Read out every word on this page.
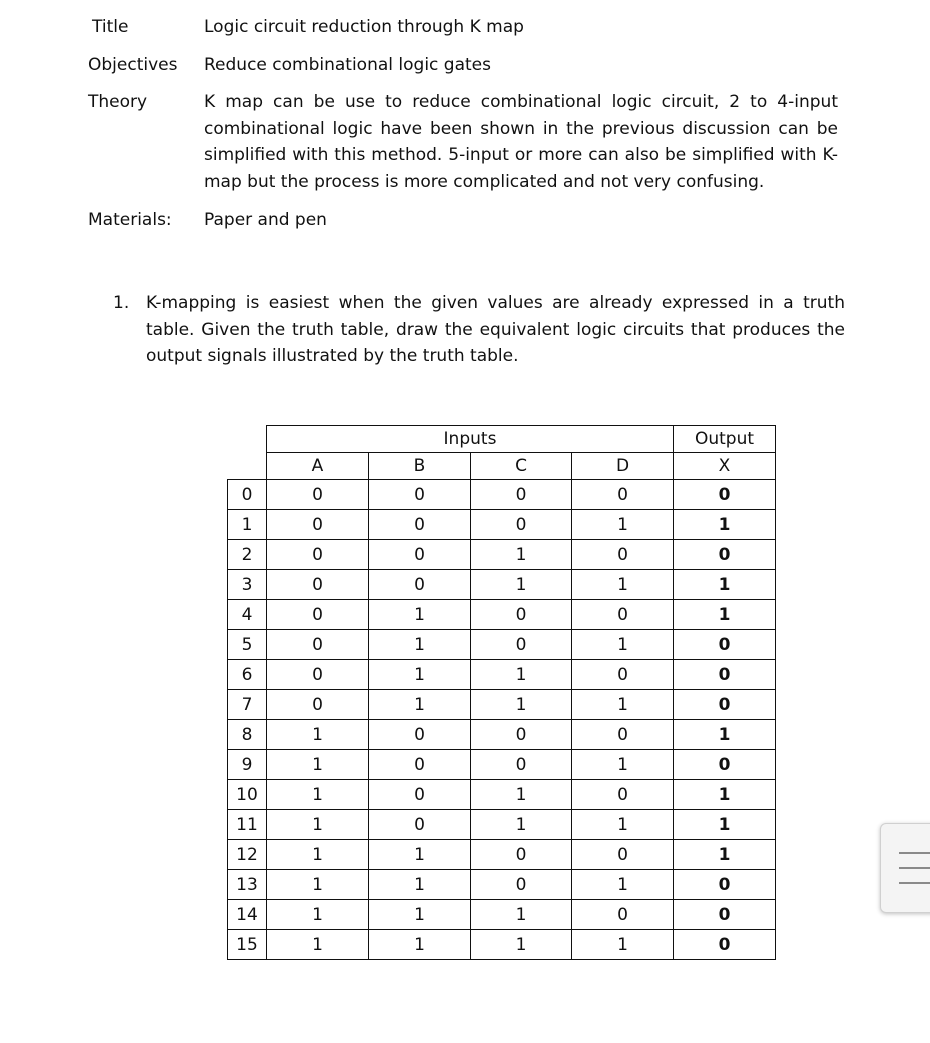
Title	Logic circuit reduction through K map
Objectives Reduce combinational logic gates
Theory	K map can be use to reduce combinational logic circuit, 2 to 4-input combinational logic have been shown in the previous discussion can be simplified with this method. 5-input or more can also be simplified with K-map but the process is more complicated and not very confusing.
Materials: Paper and pen
1. K-mapping is easiest when the given values are already expressed in a truth table. Given the truth table, draw the equivalent logic circuits that produces the output signals illustrated by the truth table.
	Inputs				Output
	A	B	C	D	X
0	0	0	0	0	0
1	0	0	0	1	1
2	0	0	1	0	0
3	0	0	1	1	1
4	0	1	0	0	1
5	0	1	0	1	0
6	0	1	1	0	0
7	0	1	1	1	0
8	1	0	0	0	1
9	1	0	0	1	0
10	1	0	1	0	1
11	1	0	1	1	1
12	1	1	0	0	1
13	1	1	0	1	0
14	1	1	1	0	0
15	1	1	1	1	0
